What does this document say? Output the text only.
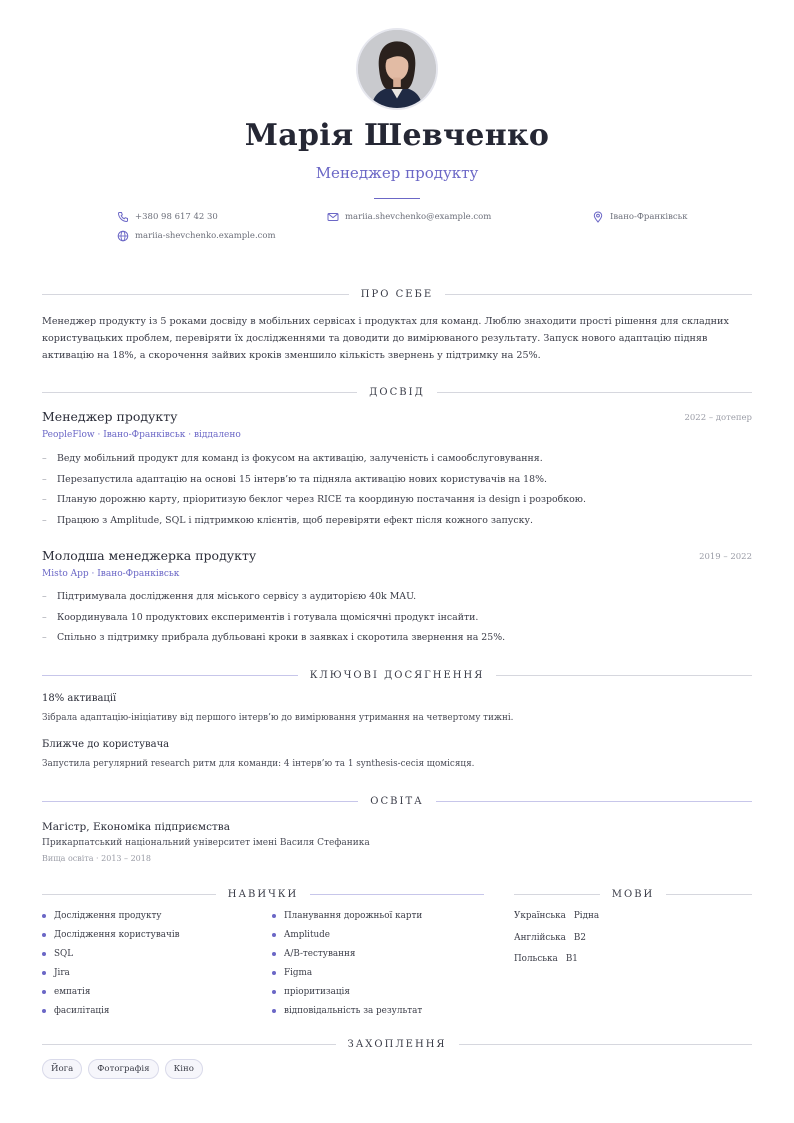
Марія Шевченко
Менеджер продукту
+380 98 617 42 30	mariia.shevchenko@example.com	Івано-Франківськ
mariia-shevchenko.example.com
ПРО СЕБЕ

Менеджер продукту із 5 роками досвіду в мобільних сервісах і продуктах для команд. Люблю знаходити прості рішення для складних користувацьких проблем, перевіряти їх дослідженнями та доводити до вимірюваного результату. Запуск нового адаптацію підняв активацію на 18%, а скорочення зайвих кроків зменшило кількість звернень у підтримку на 25%.

ДОСВІД
Менеджер продукту	2022 – дотепер
PeopleFlow · Івано-Франківськ · віддалено
– Веду мобільний продукт для команд із фокусом на активацію, залученість і самообслуговування.
– Перезапустила адаптацію на основі 15 інтерв’ю та підняла активацію нових користувачів на 18%.
– Планую дорожню карту, пріоритизую беклог через RICE та координую постачання із design і розробкою.
– Працюю з Amplitude, SQL і підтримкою клієнтів, щоб перевіряти ефект після кожного запуску.
Молодша менеджерка продукту	2019 – 2022
Misto App · Івано-Франківськ
– Підтримувала дослідження для міського сервісу з аудиторією 40k MAU.
– Координувала 10 продуктових експериментів і готувала щомісячні продукт інсайти.
– Спільно з підтримку прибрала дубльовані кроки в заявках і скоротила звернення на 25%.
КЛЮЧОВІ ДОСЯГНЕННЯ
18% активації
Зібрала адаптацію-ініціативу від першого інтерв’ю до вимірювання утримання на четвертому тижні.
Ближче до користувача
Запустила регулярний research ритм для команди: 4 інтерв’ю та 1 synthesis-сесія щомісяця.
ОСВІТА
Магістр, Економіка підприємства
Прикарпатський національний університет імені Василя Стефаника
Вища освіта · 2013 – 2018
НАВИЧКИ	МОВИ
Дослідження продукту
Дослідження користувачів
SQL
Jira
емпатія
фасилітація
Планування дорожньої карти
Amplitude
A/B-тестування
Figma
пріоритизація
відповідальність за результат
Українська Рідна
Англійська B2
Польська B1
ЗАХОПЛЕННЯ
Йога	Фотографія	Кіно
